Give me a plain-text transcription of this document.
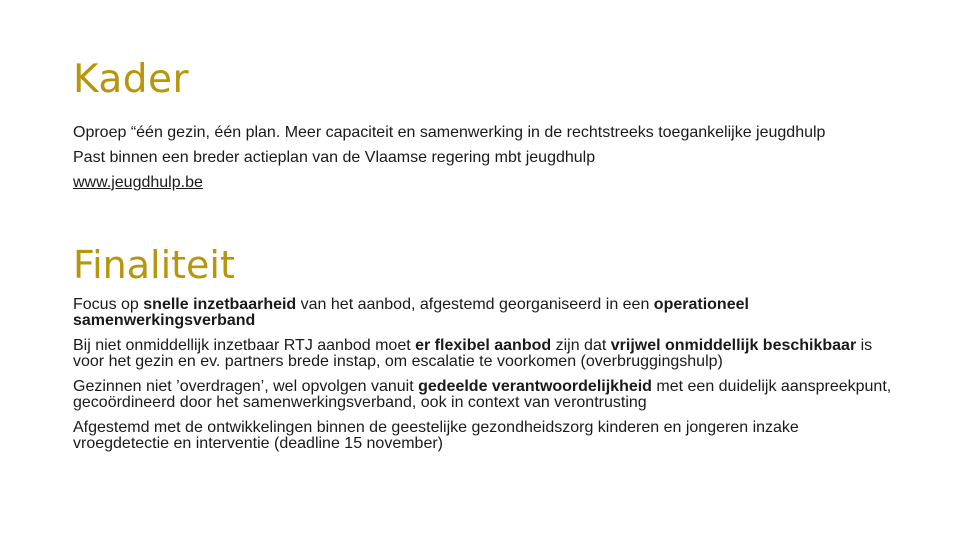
Kader

Oproep “één gezin, één plan. Meer capaciteit en samenwerking in de rechtstreeks toegankelijke jeugdhulp

Past binnen een breder actieplan van de Vlaamse regering mbt jeugdhulp

www.jeugdhulp.be

Finaliteit

Focus op snelle inzetbaarheid van het aanbod, afgestemd georganiseerd in een operationeel samenwerkingsverband

Bij niet onmiddellijk inzetbaar RTJ aanbod moet er flexibel aanbod zijn dat vrijwel onmiddellijk beschikbaar is voor het gezin en ev. partners brede instap, om escalatie te voorkomen (overbruggingshulp)

Gezinnen niet ’overdragen’, wel opvolgen vanuit gedeelde verantwoordelijkheid met een duidelijk aanspreekpunt, gecoördineerd door het samenwerkingsverband, ook in context van verontrusting

Afgestemd met de ontwikkelingen binnen de geestelijke gezondheidszorg kinderen en jongeren inzake vroegdetectie en interventie (deadline 15 november)
